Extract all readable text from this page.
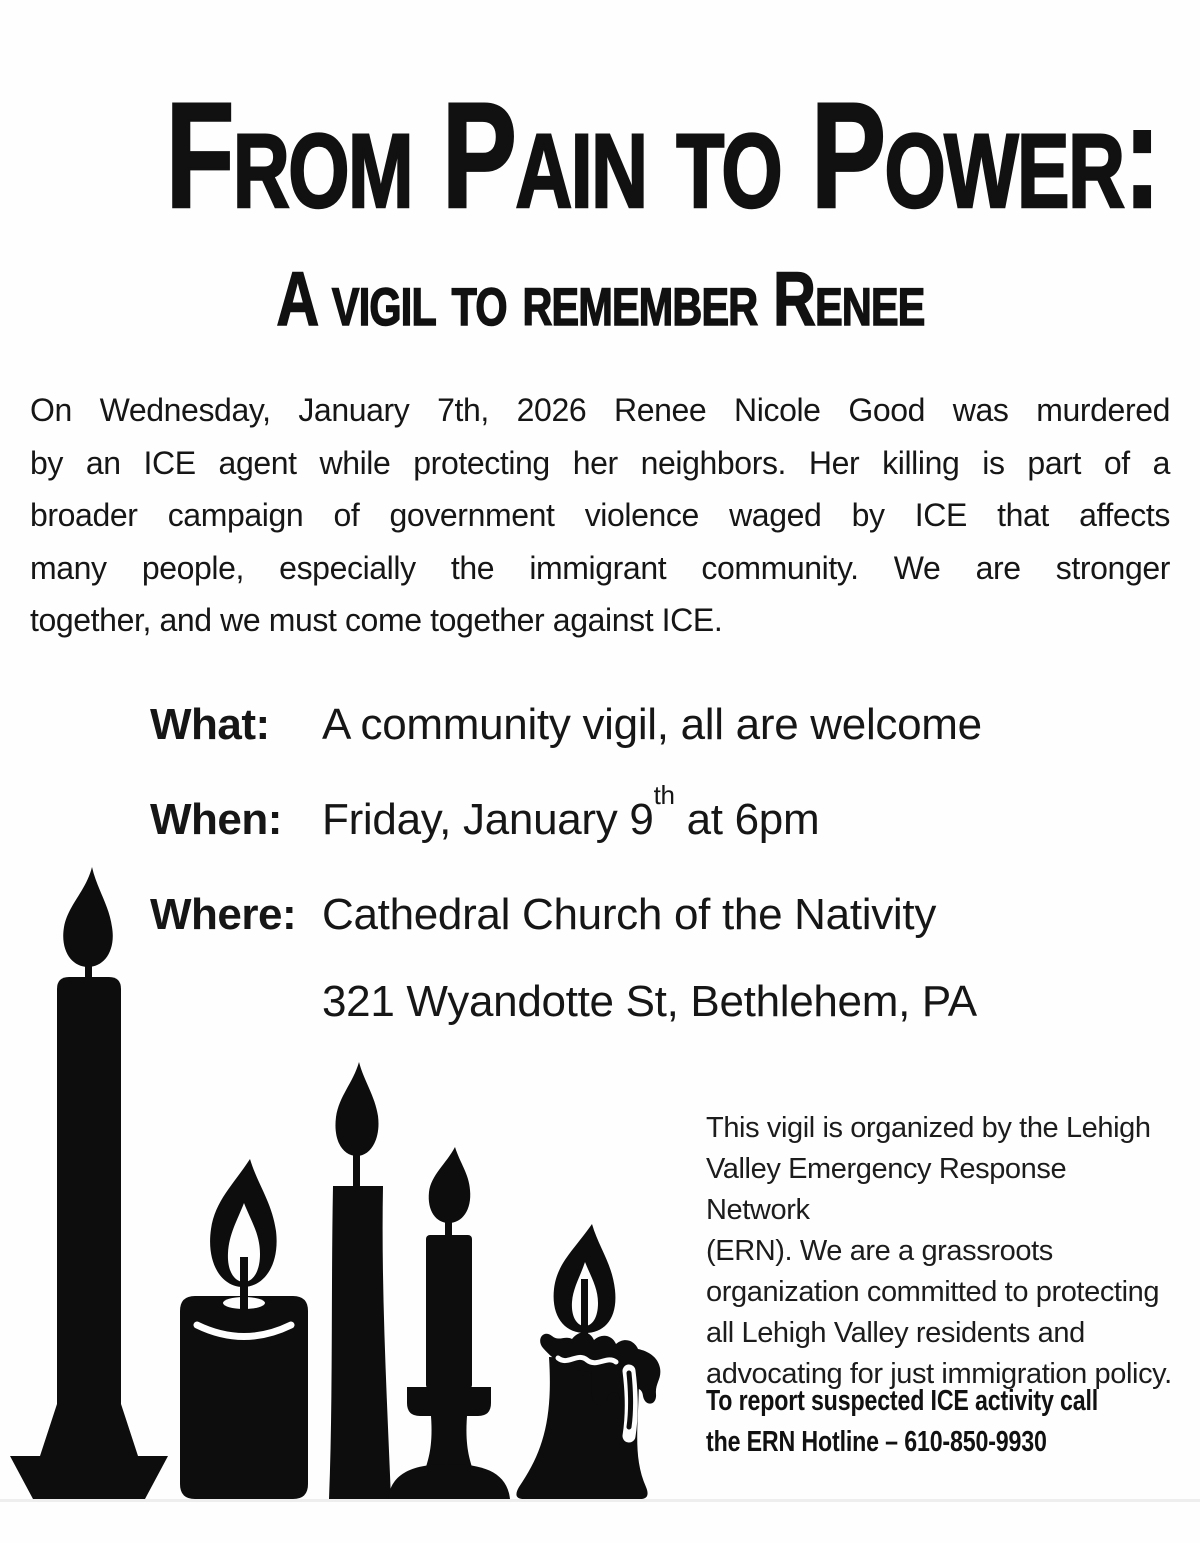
From Pain to Power:
A vigil to remember Renee
On Wednesday, January 7th, 2026 Renee Nicole Good was murdered
by an ICE agent while protecting her neighbors. Her killing is part of a
broader campaign of government violence waged by ICE that affects
many people, especially the immigrant community. We are stronger
together, and we must come together against ICE.
What:	A community vigil, all are welcome
When: Friday, January 9th at 6pm
Where: Cathedral Church of the Nativity
321 Wyandotte St, Bethlehem, PA
This vigil is organized by the Lehigh
Valley Emergency Response Network
(ERN). We are a grassroots
organization committed to protecting
all Lehigh Valley residents and
advocating for just immigration policy.
To report suspected ICE activity call
the ERN Hotline – 610-850-9930
